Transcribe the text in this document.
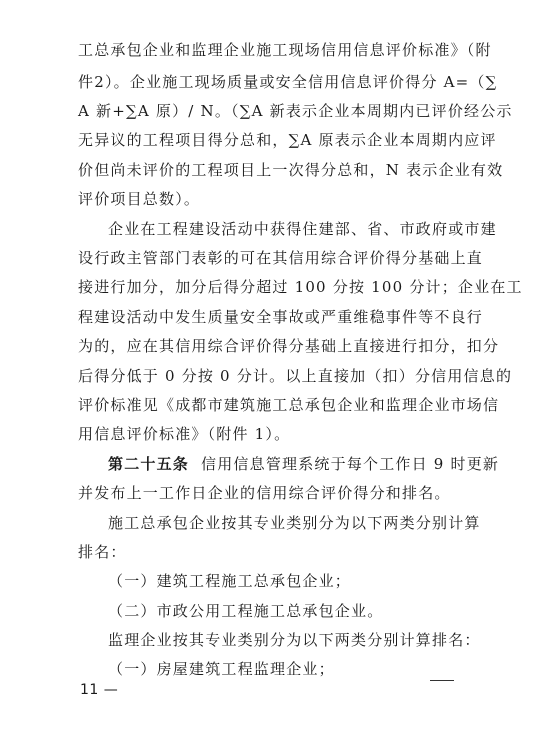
工总承包企业和监理企业施工现场信用信息评价标准》（附
件2）。企业施工现场质量或安全信用信息评价得分 A=（∑
A 新+∑A 原）/ N。（∑A 新表示企业本周期内已评价经公示
无异议的工程项目得分总和，∑A 原表示企业本周期内应评
价但尚未评价的工程项目上一次得分总和，N 表示企业有效
评价项目总数）。
企业在工程建设活动中获得住建部、省、市政府或市建
设行政主管部门表彰的可在其信用综合评价得分基础上直
接进行加分，加分后得分超过 100 分按 100 分计；企业在工
程建设活动中发生质量安全事故或严重维稳事件等不良行
为的，应在其信用综合评价得分基础上直接进行扣分，扣分
后得分低于 0 分按 0 分计。以上直接加（扣）分信用信息的
评价标准见《成都市建筑施工总承包企业和监理企业市场信
用信息评价标准》（附件 1）。
第二十五条 信用信息管理系统于每个工作日 9 时更新
并发布上一工作日企业的信用综合评价得分和排名。
施工总承包企业按其专业类别分为以下两类分别计算
排名：
（一）建筑工程施工总承包企业；
（二）市政公用工程施工总承包企业。
监理企业按其专业类别分为以下两类分别计算排名：
（一）房屋建筑工程监理企业；
11 —
